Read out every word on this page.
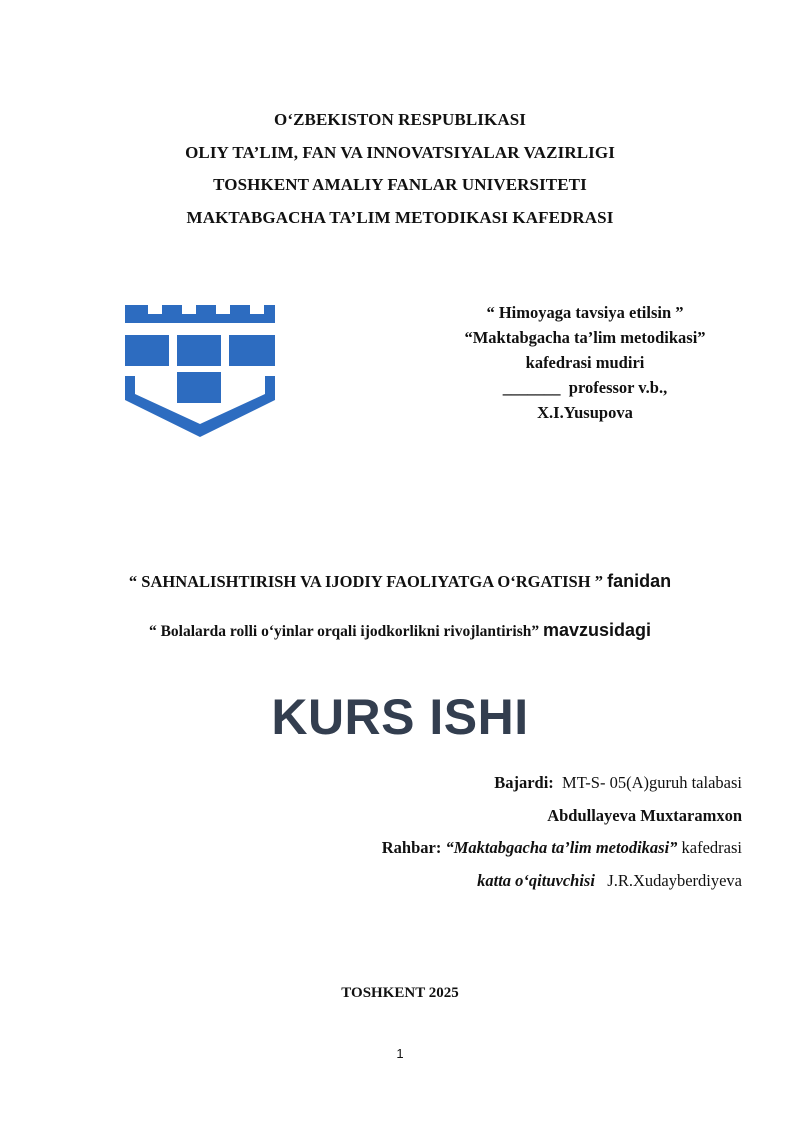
O‘ZBEKISTON RESPUBLIKASI
OLIY TA’LIM, FAN VA INNOVATSIYALAR VAZIRLIGI
TOSHKENT AMALIY FANLAR UNIVERSITETI
MAKTABGACHA TA’LIM METODIKASI KAFEDRASI
“ Himoyaga tavsiya etilsin ”
“Maktabgacha ta’lim metodikasi”
kafedrasi mudiri
_______ professor v.b.,
X.I.Yusupova
“ SAHNALISHTIRISH VA IJODIY FAOLIYATGA O‘RGATISH ” fanidan
“ Bolalarda rolli o‘yinlar orqali ijodkorlikni rivojlantirish” mavzusidagi
KURS ISHI
Bajardi: MT-S- 05(A)guruh talabasi
Abdullayeva Muxtaramxon
Rahbar: “Maktabgacha ta’lim metodikasi” kafedrasi
katta o‘qituvchisi J.R.Xudayberdiyeva
TOSHKENT 2025
1
